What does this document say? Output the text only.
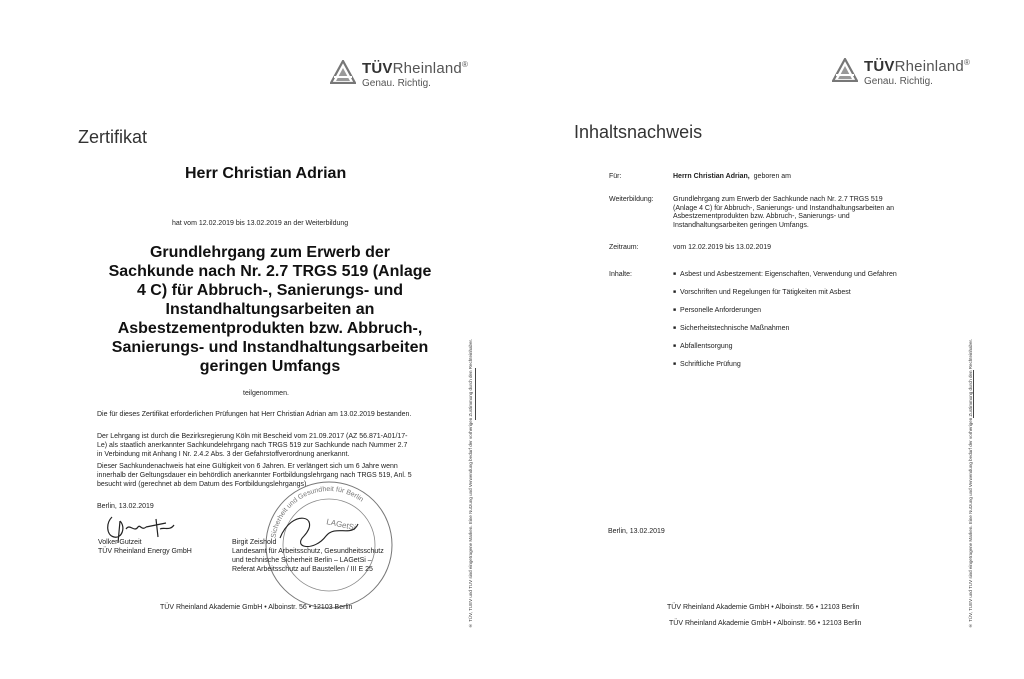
TÜVRheinland®
Genau. Richtig.
Zertifikat
Herr Christian Adrian
hat vom 12.02.2019 bis 13.02.2019 an der Weiterbildung
Grundlehrgang zum Erwerb der
Sachkunde nach Nr. 2.7 TRGS 519 (Anlage
4 C) für Abbruch-, Sanierungs- und
Instandhaltungsarbeiten an
Asbestzementprodukten bzw. Abbruch-,
Sanierungs- und Instandhaltungsarbeiten
geringen Umfangs
teilgenommen.
Die für dieses Zertifikat erforderlichen Prüfungen hat Herr Christian Adrian am 13.02.2019 bestanden.
Der Lehrgang ist durch die Bezirksregierung Köln mit Bescheid vom 21.09.2017 (AZ 56.871-A01/17-
Le) als staatlich anerkannter Sachkundelehrgang nach TRGS 519 zur Sachkunde nach Nummer 2.7
in Verbindung mit Anhang I Nr. 2.4.2 Abs. 3 der Gefahrstoffverordnung anerkannt.
Dieser Sachkundenachweis hat eine Gültigkeit von 6 Jahren. Er verlängert sich um 6 Jahre wenn
innerhalb der Geltungsdauer ein behördlich anerkannter Fortbildungslehrgang nach TRGS 519, Anl. 5
besucht wird (gerechnet ab dem Datum des Fortbildungslehrgangs).
Berlin, 13.02.2019
Volker Gutzeit
TÜV Rheinland Energy GmbH
Sicherheit und Gesundheit für Berlin
LAGetSi
Birgit Zeishold
Landesamt für Arbeitsschutz, Gesundheitsschutz
und technische Sicherheit Berlin – LAGetSi –
Referat Arbeitsschutz auf Baustellen / III E 25
TÜV Rheinland Akademie GmbH • Alboinstr. 56 • 12103 Berlin	® TÜV, TUEV und TUV sind eingetragene Marken. Eine Nutzung und Verwendung bedarf der vorherigen Zustimmung durch den Rechteinhaber.
TÜVRheinland®
Genau. Richtig.
Inhaltsnachweis
Für:	Herrn Christian Adrian, geboren am
Weiterbildung:	Grundlehrgang zum Erwerb der Sachkunde nach Nr. 2.7 TRGS 519
(Anlage 4 C) für Abbruch-, Sanierungs- und Instandhaltungsarbeiten an
Asbestzementprodukten bzw. Abbruch-, Sanierungs- und
Instandhaltungsarbeiten geringen Umfangs.
Zeitraum:	vom 12.02.2019 bis 13.02.2019
Inhalte:
■	Asbest und Asbestzement: Eigenschaften, Verwendung und Gefahren
■ Vorschriften und Regelungen für Tätigkeiten mit Asbest
■ Personelle Anforderungen
■ Sicherheitstechnische Maßnahmen
■ Abfallentsorgung
■ Schriftliche Prüfung
Berlin, 13.02.2019
TÜV Rheinland Akademie GmbH • Alboinstr. 56 • 12103 Berlin
TÜV Rheinland Akademie GmbH • Alboinstr. 56 • 12103 Berlin	® TÜV, TUEV und TUV sind eingetragene Marken. Eine Nutzung und Verwendung bedarf der vorherigen Zustimmung durch den Rechteinhaber.
